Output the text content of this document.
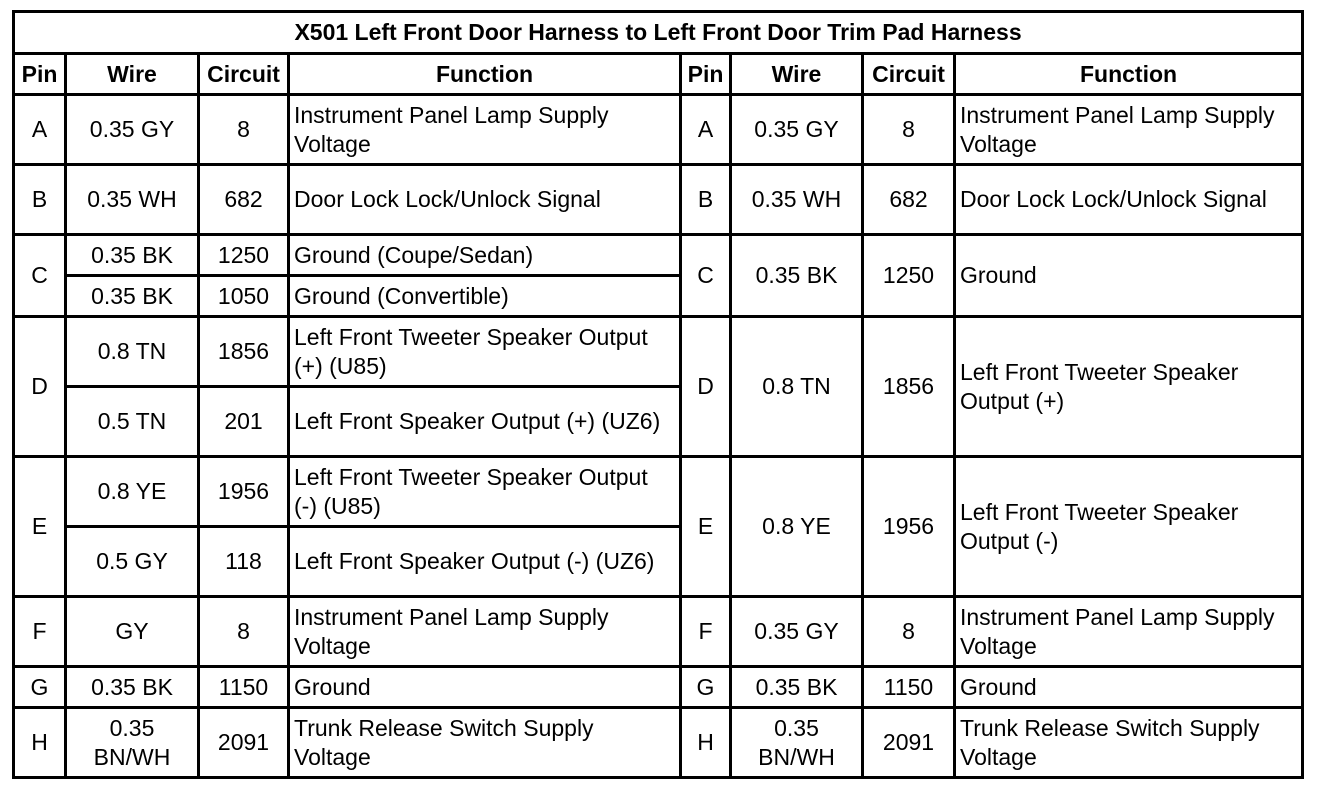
X501 Left Front Door Harness to Left Front Door Trim Pad Harness							
Pin	Wire	Circuit	Function	Pin	Wire	Circuit	Function
A	0.35 GY	8	Instrument Panel Lamp Supply Voltage	A	0.35 GY	8	Instrument Panel Lamp Supply Voltage
B	0.35 WH	682	Door Lock Lock/Unlock Signal	B	0.35 WH	682	Door Lock Lock/Unlock Signal
C	0.35 BK	1250	Ground (Coupe/Sedan)	C	0.35 BK	1250	Ground
	0.35 BK	1050	Ground (Convertible)				
D	0.8 TN	1856	Left Front Tweeter Speaker Output (+) (U85)	D	0.8 TN	1856	Left Front Tweeter Speaker Output (+)
	0.5 TN	201	Left Front Speaker Output (+) (UZ6)				
E	0.8 YE	1956	Left Front Tweeter Speaker Output (-) (U85)	E	0.8 YE	1956	Left Front Tweeter Speaker Output (-)
	0.5 GY	118	Left Front Speaker Output (-) (UZ6)				
F	GY	8	Instrument Panel Lamp Supply Voltage	F	0.35 GY	8	Instrument Panel Lamp Supply Voltage
G	0.35 BK	1150	Ground	G	0.35 BK	1150	Ground
H	0.35 BN/WH	2091	Trunk Release Switch Supply Voltage	H	0.35 BN/WH	2091	Trunk Release Switch Supply Voltage
